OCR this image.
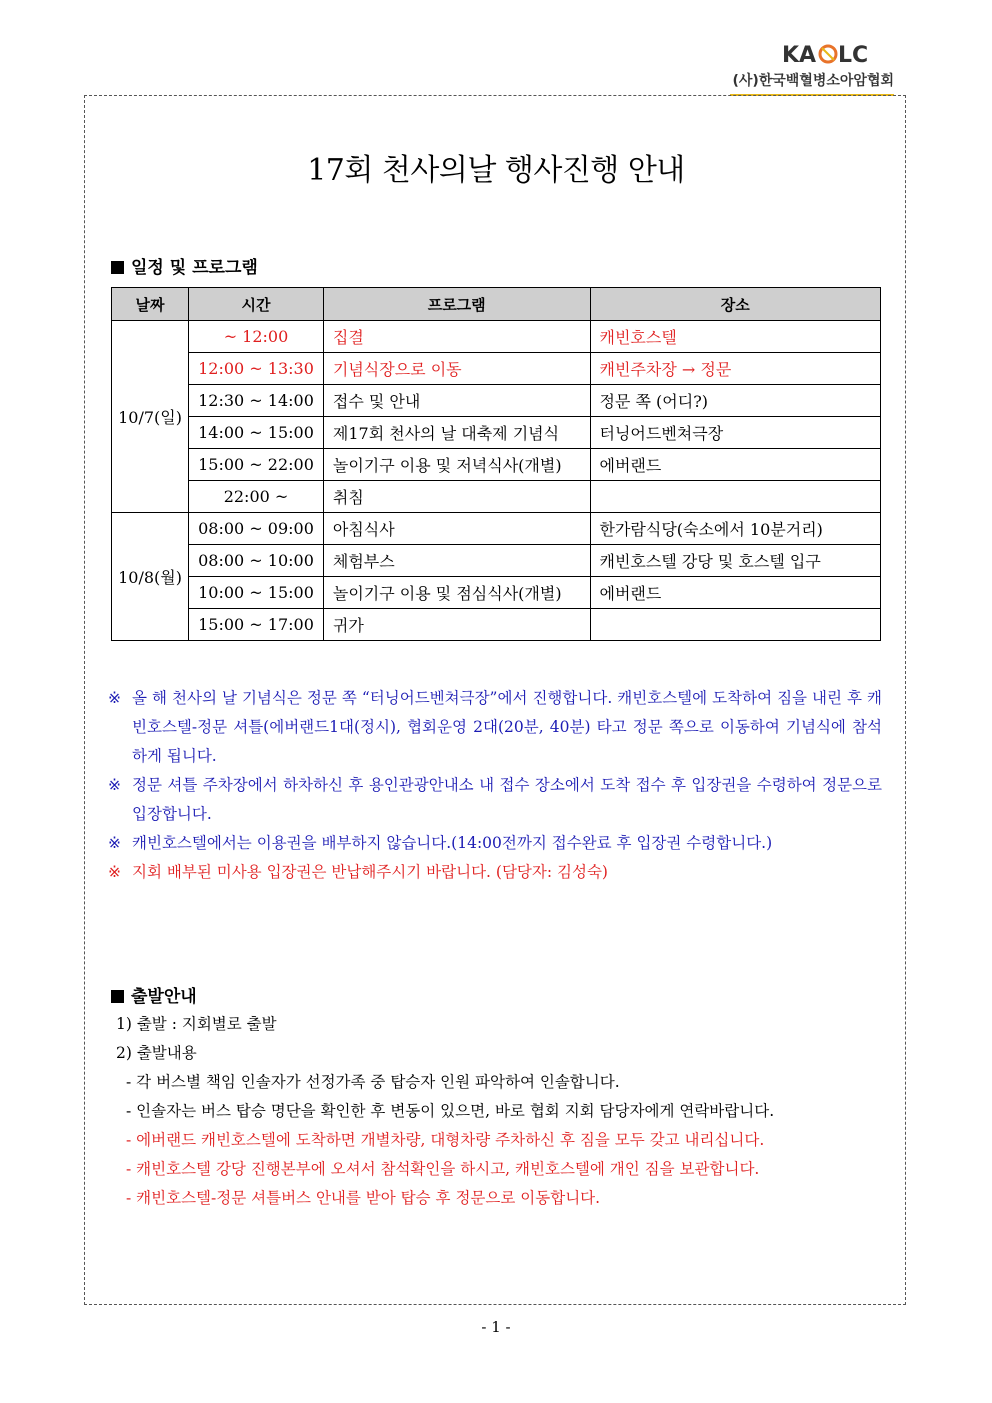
KA LC
(사)한국백혈병소아암협회
17회 천사의날 행사진행 안내
일정 및 프로그램
날짜	시간	프로그램	장소
10/7(일)	~ 12:00	집결	캐빈호스텔
	12:00 ~ 13:30	기념식장으로 이동	캐빈주차장 → 정문
	12:30 ~ 14:00	접수 및 안내	정문 쪽 (어디?)
	14:00 ~ 15:00	제17회 천사의 날 대축제 기념식	터닝어드벤쳐극장
	15:00 ~ 22:00	놀이기구 이용 및 저녁식사(개별)	에버랜드
	22:00 ~	취침	
10/8(월)	08:00 ~ 09:00	아침식사	한가람식당(숙소에서 10분거리)
	08:00 ~ 10:00	체험부스	캐빈호스텔 강당 및 호스텔 입구
	10:00 ~ 15:00	놀이기구 이용 및 점심식사(개별)	에버랜드
	15:00 ~ 17:00	귀가	
※ 올 해 천사의 날 기념식은 정문 쪽 “터닝어드벤쳐극장”에서 진행합니다. 캐빈호스텔에 도착하여 짐을 내린 후 캐빈호스텔-정문 셔틀(에버랜드1대(정시), 협회운영 2대(20분, 40분) 타고 정문 쪽으로 이동하여 기념식에 참석하게 됩니다.
※ 정문 셔틀 주차장에서 하차하신 후 용인관광안내소 내 접수 장소에서 도착 접수 후 입장권을 수령하여 정문으로 입장합니다.
※ 캐빈호스텔에서는 이용권을 배부하지 않습니다.(14:00전까지 접수완료 후 입장권 수령합니다.)
※ 지회 배부된 미사용 입장권은 반납해주시기 바랍니다. (담당자: 김성숙)
출발안내
1) 출발 : 지회별로 출발
2) 출발내용
- 각 버스별 책임 인솔자가 선정가족 중 탑승자 인원 파악하여 인솔합니다.
- 인솔자는 버스 탑승 명단을 확인한 후 변동이 있으면, 바로 협회 지회 담당자에게 연락바랍니다.
- 에버랜드 캐빈호스텔에 도착하면 개별차량, 대형차량 주차하신 후 짐을 모두 갖고 내리십니다.
- 캐빈호스텔 강당 진행본부에 오셔서 참석확인을 하시고, 캐빈호스텔에 개인 짐을 보관합니다.
- 캐빈호스텔-정문 셔틀버스 안내를 받아 탑승 후 정문으로 이동합니다.
- 1 -
